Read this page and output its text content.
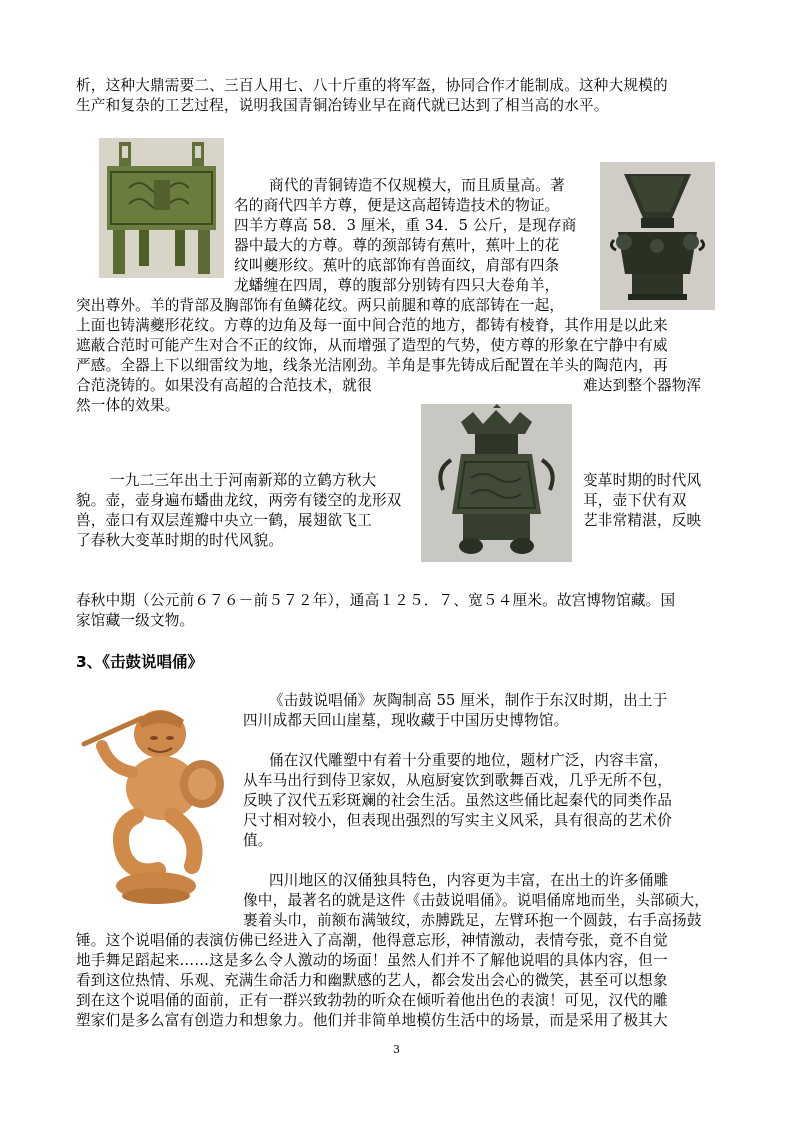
析，这种大鼎需要二、三百人用七、八十斤重的将军盔，协同合作才能制成。这种大规模的
生产和复杂的工艺过程，说明我国青铜冶铸业早在商代就已达到了相当高的水平。
商代的青铜铸造不仅规模大，而且质量高。著
名的商代四羊方尊，便是这高超铸造技术的物证。
四羊方尊高 58．3 厘米，重 34．5 公斤，是现存商
器中最大的方尊。尊的颈部铸有蕉叶，蕉叶上的花
纹叫夔形纹。蕉叶的底部饰有兽面纹，肩部有四条
龙蟠缠在四周，尊的腹部分别铸有四只大卷角羊，
突出尊外。羊的背部及胸部饰有鱼鳞花纹。两只前腿和尊的底部铸在一起，
上面也铸满夔形花纹。方尊的边角及每一面中间合范的地方，都铸有棱脊，其作用是以此来
遮蔽合范时可能产生对合不正的纹饰，从而增强了造型的气势，使方尊的形象在宁静中有威
严感。全器上下以细雷纹为地，线条光洁刚劲。羊角是事先铸成后配置在羊头的陶范内，再
合范浇铸的。如果没有高超的合范技术，就很	难达到整个器物浑
然一体的效果。
一九二三年出土于河南新郑的立鹤方秋大
貌。壶，壶身遍布蟠曲龙纹，两旁有镂空的龙形双
兽，壶口有双层莲瓣中央立一鹤，展翅欲飞工
了春秋大变革时期的时代风貌。
变革时期的时代风
耳，壶下伏有双
艺非常精湛，反映
春秋中期（公元前６７６－前５７２年），通高１２５．７、宽５４厘米。故宫博物馆藏。国
家馆藏一级文物。
3、《击鼓说唱俑》
《击鼓说唱俑》灰陶制高 55 厘米，制作于东汉时期，出土于
四川成都天回山崖墓，现收藏于中国历史博物馆。
俑在汉代雕塑中有着十分重要的地位，题材广泛，内容丰富，
从车马出行到侍卫家奴，从庖厨宴饮到歌舞百戏，几乎无所不包，
反映了汉代五彩斑斓的社会生活。虽然这些俑比起秦代的同类作品
尺寸相对较小，但表现出强烈的写实主义风采，具有很高的艺术价
值。
四川地区的汉俑独具特色，内容更为丰富，在出土的许多俑雕
像中，最著名的就是这件《击鼓说唱俑》。说唱俑席地而坐，头部硕大，
裹着头巾，前额布满皱纹，赤膊跣足，左臂环抱一个圆鼓，右手高扬鼓
锤。这个说唱俑的表演仿佛已经进入了高潮，他得意忘形，神情激动，表情夸张，竟不自觉
地手舞足蹈起来……这是多么令人激动的场面！虽然人们并不了解他说唱的具体内容，但一
看到这位热情、乐观、充满生命活力和幽默感的艺人，都会发出会心的微笑，甚至可以想象
到在这个说唱俑的面前，正有一群兴致勃勃的听众在倾听着他出色的表演！可见，汉代的雕
塑家们是多么富有创造力和想象力。他们并非简单地模仿生活中的场景，而是采用了极其大
3
